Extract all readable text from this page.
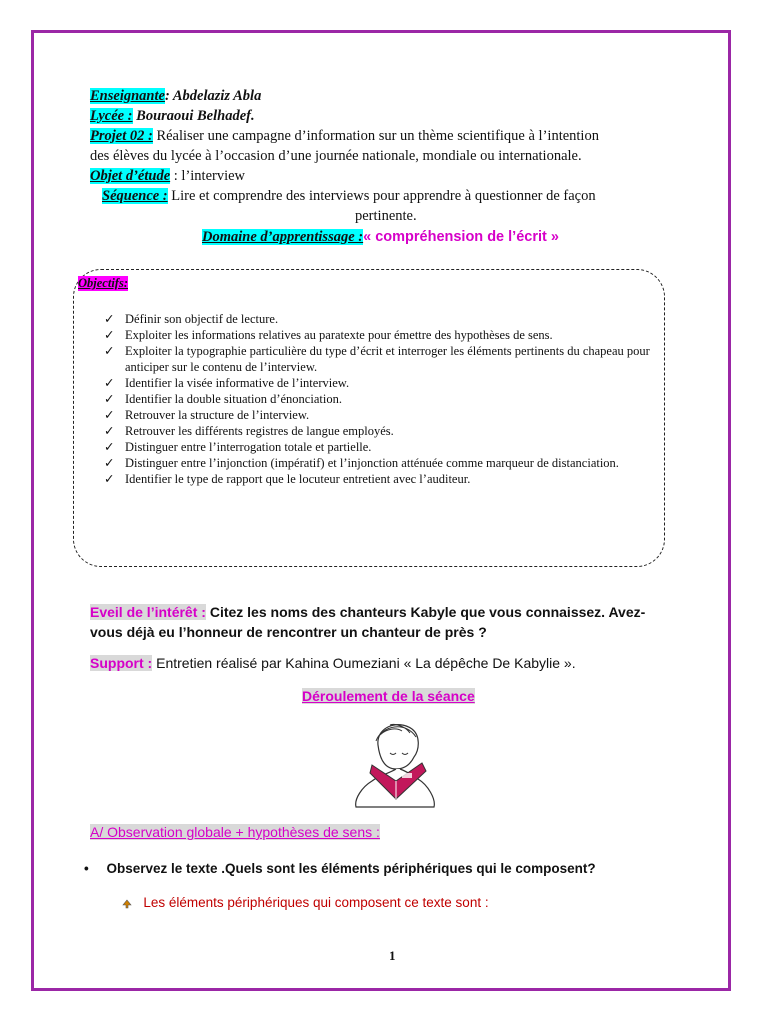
Enseignante: Abdelaziz Abla
Lycée : Bouraoui Belhadef.
Projet 02 : Réaliser une campagne d’information sur un thème scientifique à l’intention
des élèves du lycée à l’occasion d’une journée nationale, mondiale ou internationale.
Objet d’étude : l’interview
Séquence : Lire et comprendre des interviews pour apprendre à questionner de façon
pertinente.
Domaine d’apprentissage :« compréhension de l’écrit »
Objectifs:
✓ Définir son objectif de lecture.
✓ Exploiter les informations relatives au paratexte pour émettre des hypothèses de sens.
✓ Exploiter la typographie particulière du type d’écrit et interroger les éléments pertinents du chapeau pour anticiper sur le contenu de l’interview.
✓ Identifier la visée informative de l’interview.
✓ Identifier la double situation d’énonciation.
✓ Retrouver la structure de l’interview.
✓ Retrouver les différents registres de langue employés.
✓ Distinguer entre l’interrogation totale et partielle.
✓ Distinguer entre l’injonction (impératif) et l’injonction atténuée comme marqueur de distanciation.
✓ Identifier le type de rapport que le locuteur entretient avec l’auditeur.
Eveil de l’intérêt : Citez les noms des chanteurs Kabyle que vous connaissez. Avez-
vous déjà eu l’honneur de rencontrer un chanteur de près ?
Support : Entretien réalisé par Kahina Oumeziani « La dépêche De Kabylie ».
Déroulement de la séance
A/ Observation globale + hypothèses de sens :
• Observez le texte .Quels sont les éléments périphériques qui le composent?
Les éléments périphériques qui composent ce texte sont :
1
